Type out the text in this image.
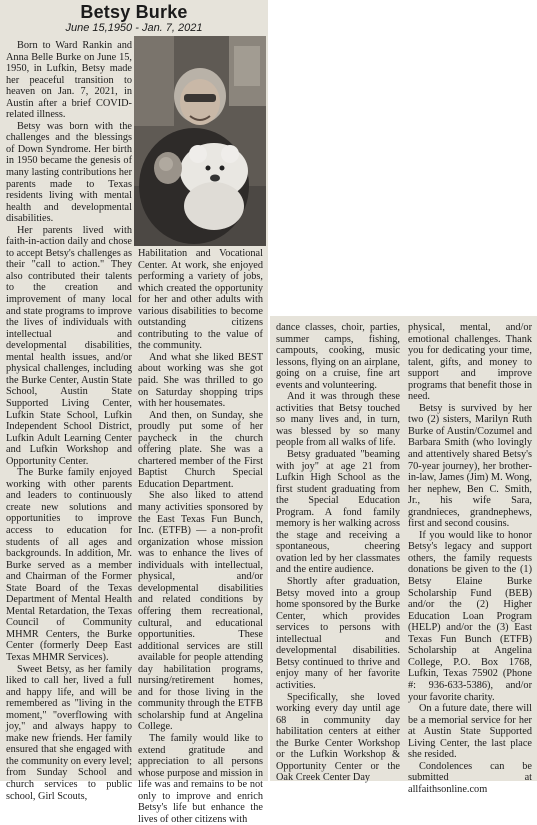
Betsy Burke
June 15,1950 - Jan. 7, 2021

Born to Ward Rankin and Anna Belle Burke on June 15, 1950, in Lufkin, Betsy made her peaceful transition to heaven on Jan. 7, 2021, in Austin after a brief COVID-related illness.

Betsy was born with the challenges and the blessings of Down Syndrome. Her birth in 1950 became the genesis of many lasting contributions her parents made to Texas residents living with mental health and developmental disabilities.

Her parents lived with faith-in-action daily and chose to accept Betsy's challenges as their "call to action." They also contributed their talents to the creation and improvement of many local and state programs to improve the lives of individuals with intellectual and developmental disabilities, mental health issues, and/or physical challenges, including the Burke Center, Austin State School, Austin State Supported Living Center, Lufkin State School, Lufkin Independent School District, Lufkin Adult Learning Center and Lufkin Workshop and Opportunity Center.

The Burke family enjoyed working with other parents and leaders to continuously create new solutions and opportunities to improve access to education for students of all ages and backgrounds. In addition, Mr. Burke served as a member and Chairman of the Former State Board of the Texas Department of Mental Health Mental Retardation, the Texas Council of Community MHMR Centers, the Burke Center (formerly Deep East Texas MHMR Services).

Sweet Betsy, as her family liked to call her, lived a full and happy life, and will be remembered as "living in the moment," "overflowing with joy," and always happy to make new friends. Her family ensured that she engaged with the community on every level; from Sunday School and church services to public school, Girl Scouts,

Habilitation and Vocational Center. At work, she enjoyed performing a variety of jobs, which created the opportunity for her and other adults with various disabilities to become outstanding citizens contributing to the value of the community.

And what she liked BEST about working was she got paid. She was thrilled to go on Saturday shopping trips with her housemates.

And then, on Sunday, she proudly put some of her paycheck in the church offering plate. She was a chartered member of the First Baptist Church Special Education Department.

She also liked to attend many activities sponsored by the East Texas Fun Bunch, Inc. (ETFB) — a non-profit organization whose mission was to enhance the lives of individuals with intellectual, physical, and/or developmental disabilities and related conditions by offering them recreational, cultural, and educational opportunities. These additional services are still available for people attending day habilitation programs, nursing/retirement homes, and for those living in the community through the ETFB scholarship fund at Angelina College.

The family would like to extend gratitude and appreciation to all persons whose purpose and mission in life was and remains to be not only to improve and enrich Betsy's life but enhance the lives of other citizens with

dance classes, choir, parties, summer camps, fishing, campouts, cooking, music lessons, flying on an airplane, going on a cruise, fine art events and volunteering.

And it was through these activities that Betsy touched so many lives and, in turn, was blessed by so many people from all walks of life.

Betsy graduated "beaming with joy" at age 21 from Lufkin High School as the first student graduating from the Special Education Program. A fond family memory is her walking across the stage and receiving a spontaneous, cheering ovation led by her classmates and the entire audience.

Shortly after graduation, Betsy moved into a group home sponsored by the Burke Center, which provides services to persons with intellectual and developmental disabilities. Betsy continued to thrive and enjoy many of her favorite activities.

Specifically, she loved working every day until age 68 in community day habilitation centers at either the Burke Center Workshop or the Lufkin Workshop & Opportunity Center or the Oak Creek Center Day

physical, mental, and/or emotional challenges. Thank you for dedicating your time, talent, gifts, and money to support and improve programs that benefit those in need.

Betsy is survived by her two (2) sisters, Marilyn Ruth Burke of Austin/Cozumel and Barbara Smith (who lovingly and attentively shared Betsy's 70-year journey), her brother-in-law, James (Jim) M. Wong, her nephew, Ben C. Smith, Jr., his wife Sara, grandnieces, grandnephews, first and second cousins.

If you would like to honor Betsy's legacy and support others, the family requests donations be given to the (1) Betsy Elaine Burke Scholarship Fund (BEB) and/or the (2) Higher Education Loan Program (HELP) and/or the (3) East Texas Fun Bunch (ETFB) Scholarship at Angelina College, P.O. Box 1768, Lufkin, Texas 75902 (Phone #: 936-633-5386), and/or your favorite charity.

On a future date, there will be a memorial service for her at Austin State Supported Living Center, the last place she resided.

Condolences can be submitted at allfaithsonline.com
